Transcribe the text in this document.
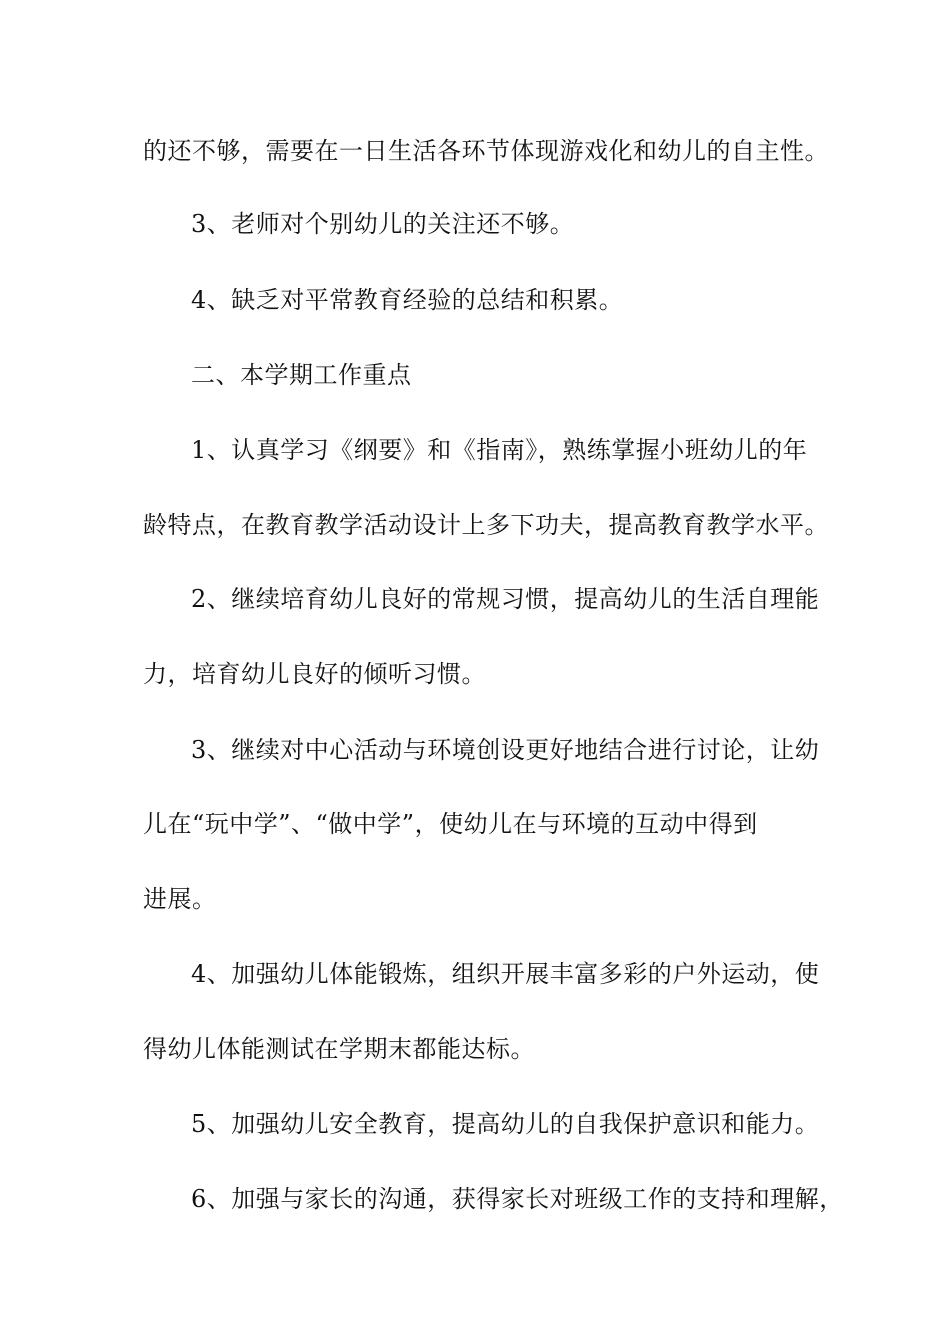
的还不够，需要在一日生活各环节体现游戏化和幼儿的自主性。
3、老师对个别幼儿的关注还不够。
4、缺乏对平常教育经验的总结和积累。
二、本学期工作重点
1、认真学习《纲要》和《指南》，熟练掌握小班幼儿的年
龄特点，在教育教学活动设计上多下功夫，提高教育教学水平。
2、继续培育幼儿良好的常规习惯，提高幼儿的生活自理能
力，培育幼儿良好的倾听习惯。
3、继续对中心活动与环境创设更好地结合进行讨论，让幼
儿在“玩中学”、“做中学”，使幼儿在与环境的互动中得到
进展。
4、加强幼儿体能锻炼，组织开展丰富多彩的户外运动，使
得幼儿体能测试在学期末都能达标。
5、加强幼儿安全教育，提高幼儿的自我保护意识和能力。
6、加强与家长的沟通，获得家长对班级工作的支持和理解，
